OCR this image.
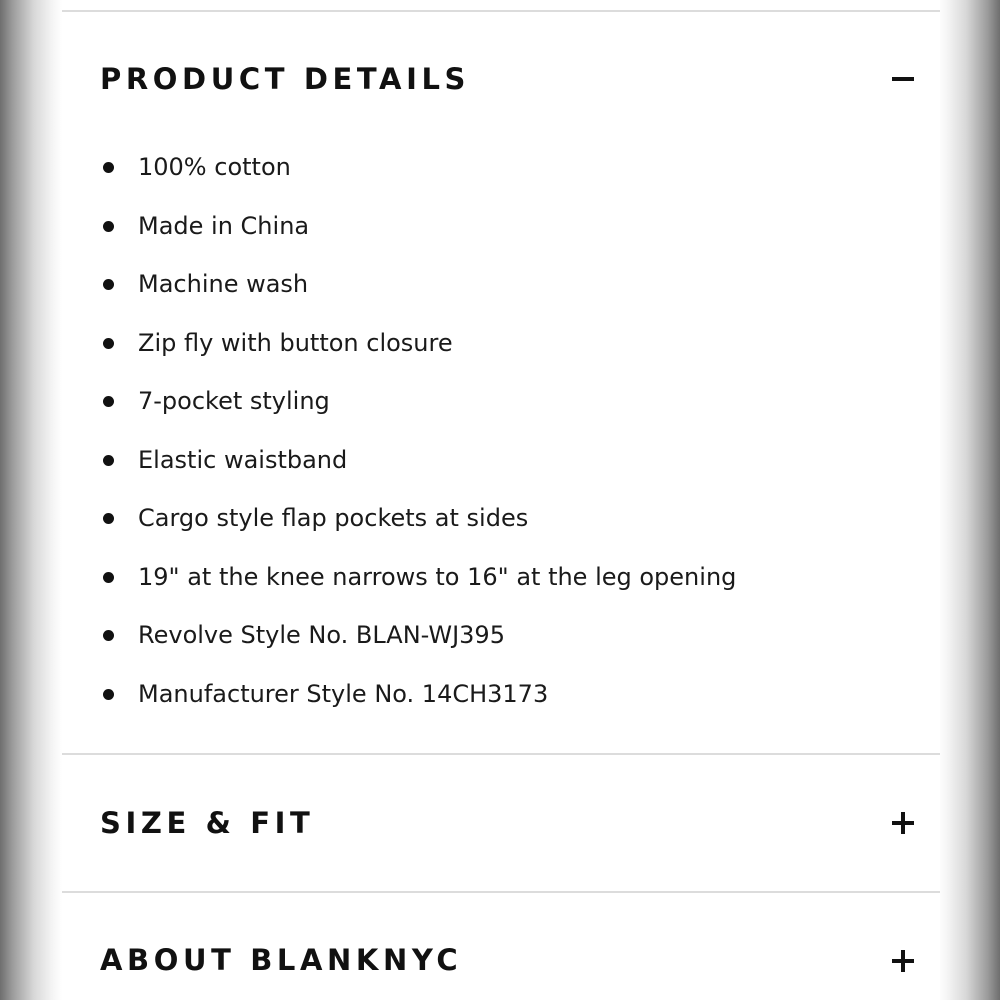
PRODUCT DETAILS
100% cotton
Made in China
Machine wash
Zip fly with button closure
7-pocket styling
Elastic waistband
Cargo style flap pockets at sides
19" at the knee narrows to 16" at the leg opening
Revolve Style No. BLAN-WJ395
Manufacturer Style No. 14CH3173
SIZE & FIT
ABOUT BLANKNYC
